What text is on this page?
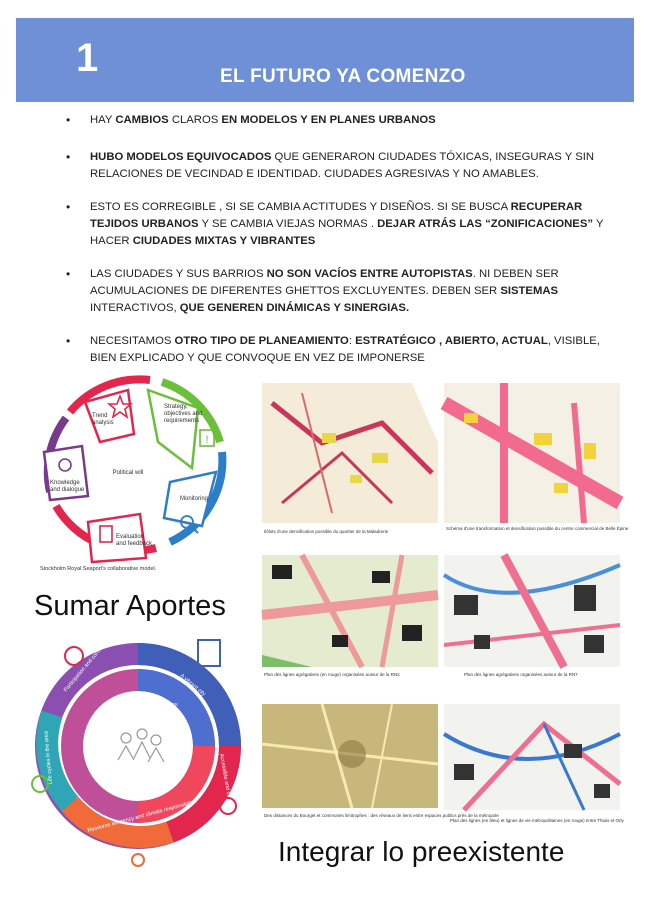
1	EL FUTURO YA COMENZO
• HAY CAMBIOS CLAROS EN MODELOS Y EN PLANES URBANOS
• HUBO MODELOS EQUIVOCADOS QUE GENERARON CIUDADES TÓXICAS, INSEGURAS Y SIN RELACIONES DE VECINDAD E IDENTIDAD. CIUDADES AGRESIVAS Y NO AMABLES.
• ESTO ES CORREGIBLE , SI SE CAMBIA ACTITUDES Y DISEÑOS. SI SE BUSCA RECUPERAR TEJIDOS URBANOS Y SE CAMBIA VIEJAS NORMAS . DEJAR ATRÁS LAS “ZONIFICACIONES” Y HACER CIUDADES MIXTAS Y VIBRANTES
• LAS CIUDADES Y SUS BARRIOS NO SON VACÍOS ENTRE AUTOPISTAS. NI DEBEN SER ACUMULACIONES DE DIFERENTES GHETTOS EXCLUYENTES. DEBEN SER SISTEMAS INTERACTIVOS, QUE GENEREN DINÁMICAS Y SINERGIAS.
• NECESITAMOS OTRO TIPO DE PLANEAMIENTO: ESTRATÉGICO , ABIERTO, ACTUAL, VISIBLE, BIEN EXPLICADO Y QUE CONVOQUE EN VEZ DE IMPONERSE
!
Trend
analysis
Strategy,
objectives and
requirements
Monitoring
Evaluation
and feedback
Knowledge
and dialogue
Political will
Stockholm Royal Seaport's collaborative model.
Sumar Aportes
SRC
ECONOMIC FRAMEWORK
BUILDING
Participation and consultation	A vibrant city
Accessible and close
Resource efficiency and climate responsibility
Life cycles in the area
Ilôlots d'une densification possible du quartier de la Maladrerie
Schéma d'une transformation et densification possible du centre commercial de Belle Épine
Plan des lignes agrégatives (en rouge) organisées autour de la RN2	Plan des lignes agrégatives organisées autour de la RN7
Des distances du Bourget et communes limitrophes : des réseaux de liens entre espaces publics près de la métropole
Plan des lignes (en bleu) et lignes de vie métropolitaines (en rouge) entre Thiais et Orly
Integrar lo preexistente
